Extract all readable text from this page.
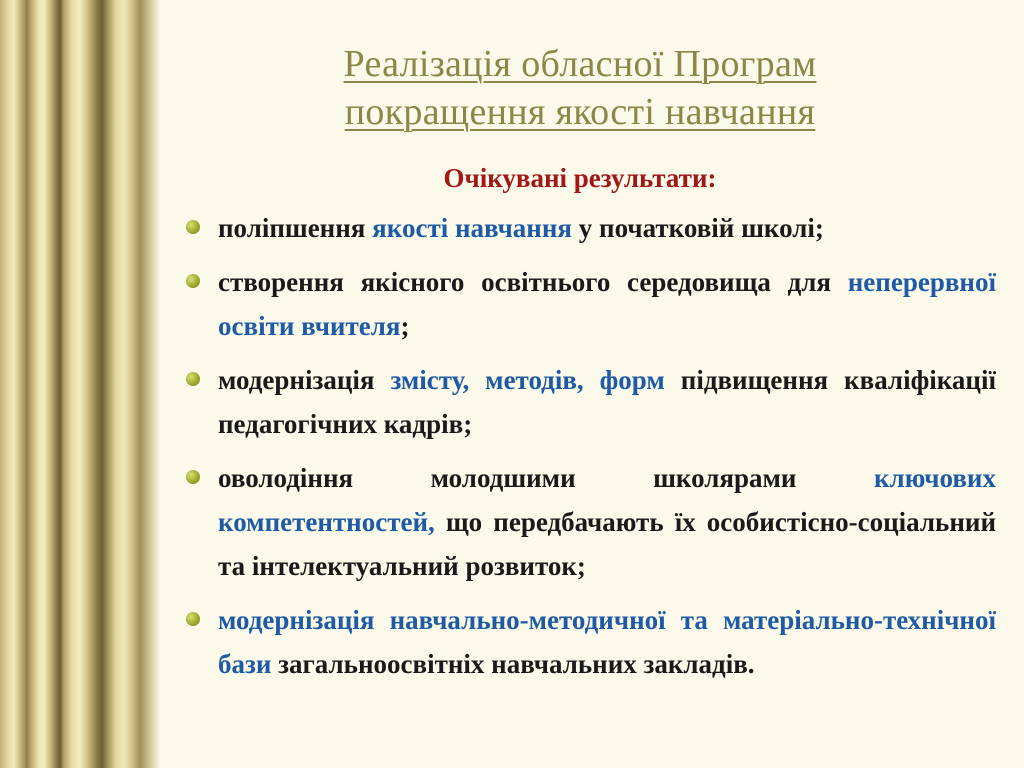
Реалізація обласної Програм
покращення якості навчання
Очікувані результати:
поліпшення якості навчання у початковій школі;
створення якісного освітнього середовища для неперервної освіти вчителя;
модернізація змісту, методів, форм підвищення кваліфікації педагогічних кадрів;
оволодіння молодшими школярами ключових компетентностей, що передбачають їх особистісно-соціальний та інтелектуальний розвиток;
модернізація навчально-методичної та матеріально-технічної бази загальноосвітніх навчальних закладів.
